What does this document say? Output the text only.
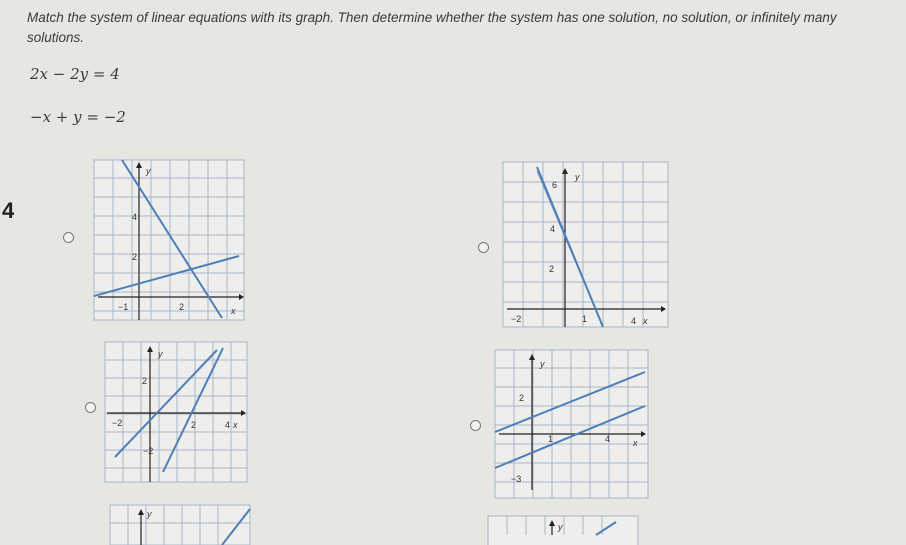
Match the system of linear equations with its graph. Then determine whether the system has one solution, no solution, or infinitely many solutions.
2x − 2y = 4
−x + y = −2
4
y
4
2
−1	2	x
y
6
4
2
−2	1	4 x
y
2
−2	2	4 x
−2
y
2
1	4	x
−3
y
y
